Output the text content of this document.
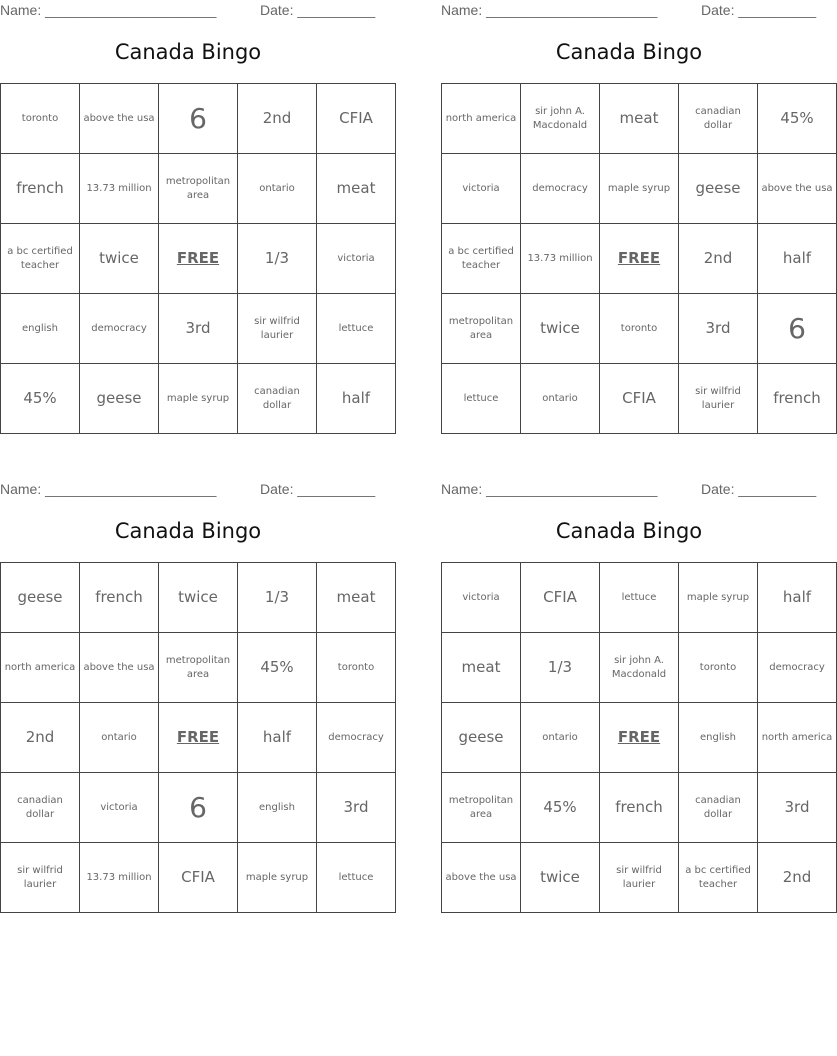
Name: ______________________	Date: __________
Canada Bingo
toronto	above the usa	6	2nd	CFIA
french	13.73 million	metropolitan area	ontario	meat
a bc certified teacher	twice	FREE	1/3	victoria
english	democracy	3rd	sir wilfrid laurier	lettuce
45%	geese	maple syrup	canadian dollar	half
Name: ______________________	Date: __________
Canada Bingo
north america	sir john A. Macdonald	meat	canadian dollar	45%
victoria	democracy	maple syrup	geese	above the usa
a bc certified teacher	13.73 million	FREE	2nd	half
metropolitan area	twice	toronto	3rd	6
lettuce	ontario	CFIA	sir wilfrid laurier	french
Name: ______________________	Date: __________
Canada Bingo
geese	french	twice	1/3	meat
north america	above the usa	metropolitan area	45%	toronto
2nd	ontario	FREE	half	democracy
canadian dollar	victoria	6	english	3rd
sir wilfrid laurier	13.73 million	CFIA	maple syrup	lettuce
Name: ______________________	Date: __________
Canada Bingo
victoria	CFIA	lettuce	maple syrup	half
meat	1/3	sir john A. Macdonald	toronto	democracy
geese	ontario	FREE	english	north america
metropolitan area	45%	french	canadian dollar	3rd
above the usa	twice	sir wilfrid laurier	a bc certified teacher	2nd
